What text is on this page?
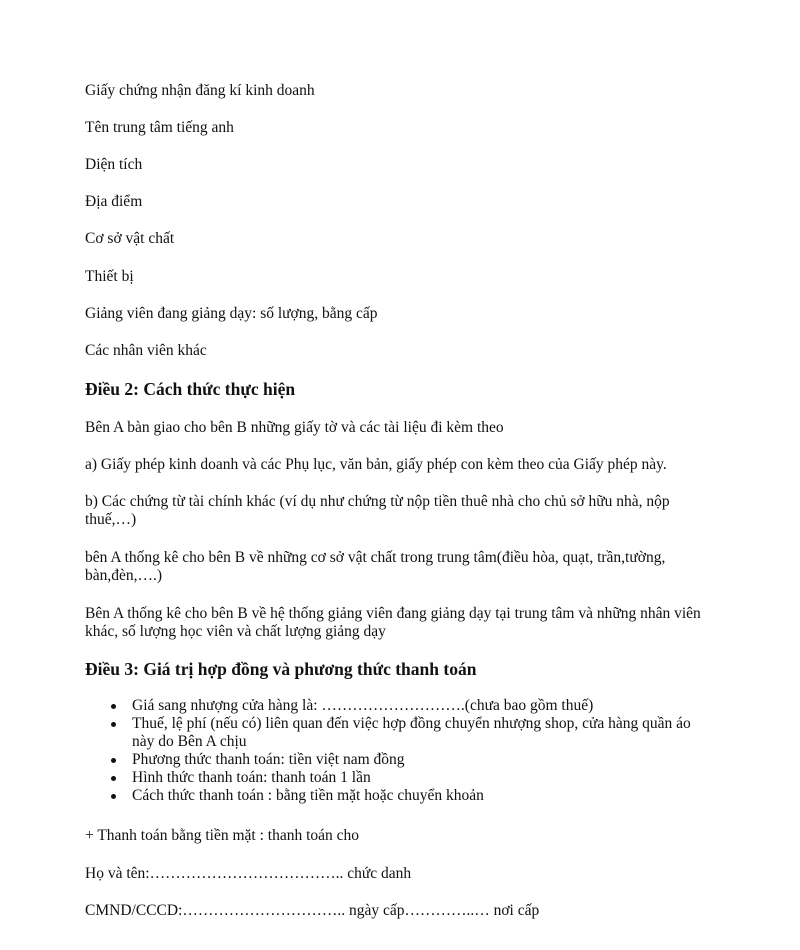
Giấy chứng nhận đăng kí kinh doanh
Tên trung tâm tiếng anh
Diện tích
Địa điểm
Cơ sở vật chất
Thiết bị
Giảng viên đang giảng dạy: số lượng, bằng cấp
Các nhân viên khác
Điều 2: Cách thức thực hiện
Bên A bàn giao cho bên B những giấy tờ và các tài liệu đi kèm theo
a) Giấy phép kinh doanh và các Phụ lục, văn bản, giấy phép con kèm theo của Giấy phép này.
b) Các chứng từ tài chính khác (ví dụ như chứng từ nộp tiền thuê nhà cho chủ sở hữu nhà, nộp thuế,…)
bên A thống kê cho bên B về những cơ sở vật chất trong trung tâm(điều hòa, quạt, trần,tường, bàn,đèn,….)
Bên A thống kê cho bên B về hệ thống giảng viên đang giảng dạy tại trung tâm và những nhân viên khác, số lượng học viên và chất lượng giảng dạy
Điều 3: Giá trị hợp đồng và phương thức thanh toán
Giá sang nhượng cửa hàng là: ……………………….(chưa bao gồm thuế)
Thuế, lệ phí (nếu có) liên quan đến việc hợp đồng chuyển nhượng shop, cửa hàng quần áo này do Bên A chịu
Phương thức thanh toán: tiền việt nam đồng
Hình thức thanh toán: thanh toán 1 lần
Cách thức thanh toán : bằng tiền mặt hoặc chuyển khoản
+ Thanh toán bằng tiền mặt : thanh toán cho
Họ và tên:……………………………….. chức danh
CMND/CCCD:………………………….. ngày cấp…………..… nơi cấp
